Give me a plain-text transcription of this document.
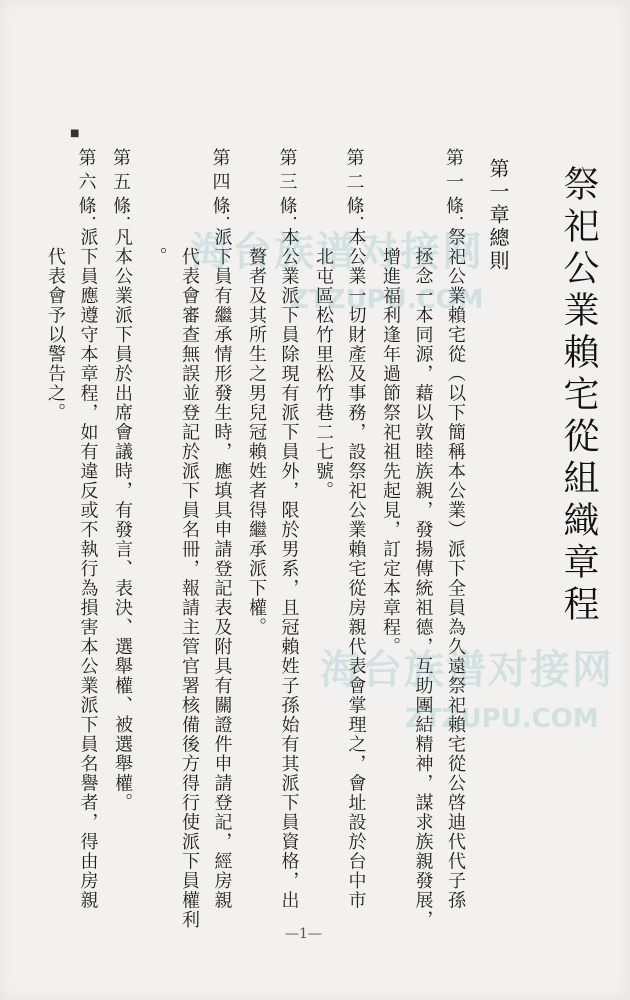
■
祭祀公業賴宅從組織章程
第一章總則
第一條
：祭祀公業賴宅從（以下簡稱本公業）派下全員為久遠祭祀賴宅從公啓迪代代子孫
　　拯念一本同源，藉以敦睦族親，發揚傳統祖德，互助團結精神，謀求族親發展，
　　增進福利逢年過節祭祀祖先起見，訂定本章程。
第二條
：本公業一切財產及事務，設祭祀公業賴宅從房親代表會掌理之，會址設於台中市
　　北屯區松竹里松竹巷二七號。
第三條
：本公業派下員除現有派下員外，限於男系，且冠賴姓子孫始有其派下員資格，出
　　贅者及其所生之男兒冠賴姓者得繼承派下權。
第四條
：派下員有繼承情形發生時，應填具申請登記表及附具有關證件申請登記，經房親
　　代表會審查無誤並登記於派下員名冊，報請主管官署核備後方得行使派下員權利
　　。
第五條
：凡本公業派下員於出席會議時，有發言、表決、選舉權、被選舉權。
第六條
：派下員應遵守本章程，如有違反或不執行為損害本公業派下員名譽者，得由房親
　　代表會予以警告之。	海台族谱对接网
ZTZUPU.COM
海台族谱对接网
ZTZUPU.COM
—1—
